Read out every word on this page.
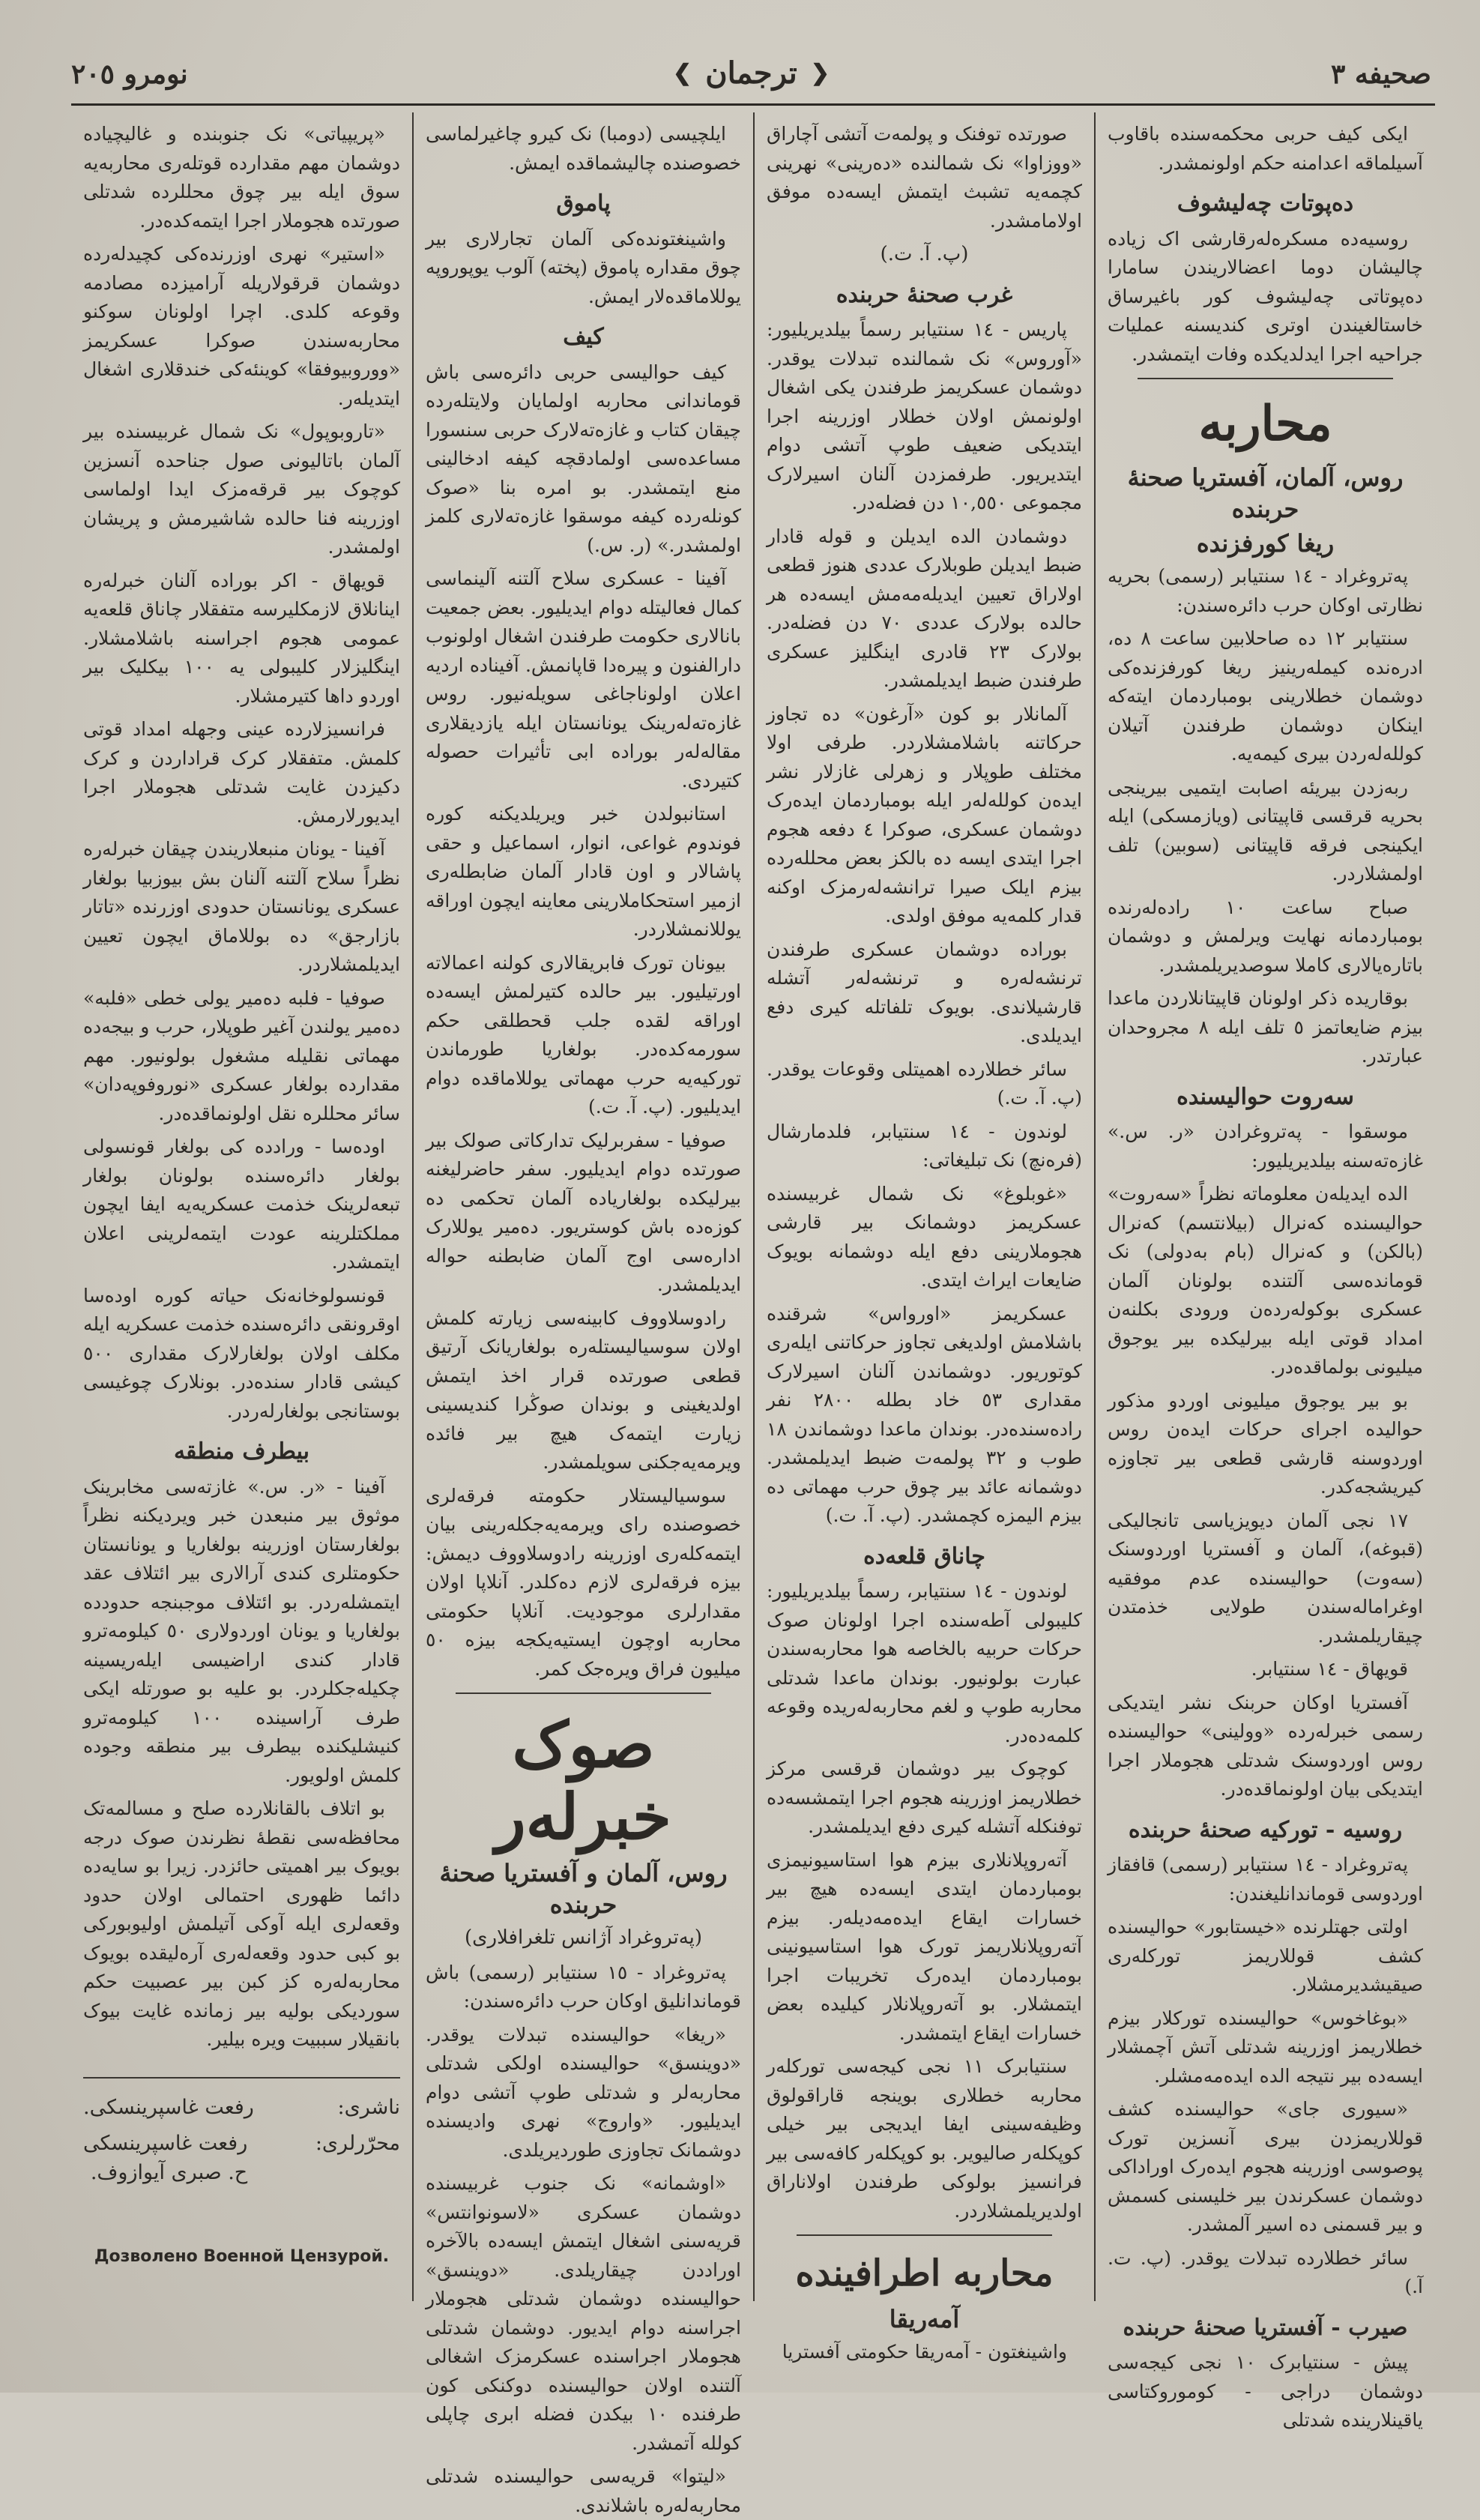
صحیفه ٣
❮
ترجمان
❯
نومرو ٢٠٥

ایکی کیف حربی محکمه‌سنده باقاوب آسیلماقه اعدامنه حکم اولونمشدر.

دەپوتات چەلیشوف

روسیەدە مسکرەلەرقارشی اک زیادە چالیشان دوما اعضالاریندن سامارا دەپوتاتی چەلیشوف کور باغیرساق خاستالغیندن اوتری کندیسنە عملیات جراحیە اجرا ایدلدیکدە وفات ایتمشدر.

محاربه
روس، آلمان، آفستریا صحنهٔ حربنده
ریغا کورفزنده

پەتروغراد - ١٤ سنتیابر (رسمی) بحریە نظارتی اوکان حرب دائرەسندن:

سنتیابر ١٢ دە صاحلابین ساعت ٨ دە، ادرەندە کیملەرینیز ریغا کورفزندەکی دوشمان خطلارینی بومباردمان ایتەکە اینکان دوشمان طرفندن آتیلان کوللەلەردن بیری کیمەیە.

ربەزدن بیریئە اصابت ایتمیی بیرینجی بحریە قرقسی قاپیتانی (ویازمسکی) ایلە ایکینجی فرقە قاپیتانی (سوبین) تلف اولمشلاردر.

صباح ساعت ١٠ رادەلەرندە بومباردمانە نهایت ویرلمش و دوشمان باتارەیالاری کاملا سوصدیریلمشدر.

بوقاریدە ذکر اولونان قاپیتانلاردن ماعدا بیزم ضایعاتمز ٥ تلف ایلە ٨ مجروحدان عبارتدر.

سەروت حوالیسندە

موسقوا - پەتروغرادن «ر. س.» غازەتەسنە بیلدیریلیور:

الدە ایدیلەن معلوماتە نظراً «سەروت» حوالیسندە کەنرال (بیلانتسم) کەنرال (بالکن) و کەنرال (بام بەدولی) نک قوماندەسی آلتندە بولونان آلمان عسکری بوکولەردەن ورودی بکلنەن امداد قوتی ایلە بیرلیکدە بیر یوجوق میلیونی بولماقدەدر.

بو بیر یوجوق میلیونی اوردو مذکور حوالیدە اجرای حرکات ایدەن روس اوردوسنە قارشی قطعی بیر تجاوزە کیریشجەکدر.

١٧ نجی آلمان دیویزیاسی تانجالیکی (قبوغە)، آلمان و آفستریا اوردوسنک (سەوت) حوالیسندە عدم موفقیە اوغرامالەسندن طولایی خذمتدن چیقاریلمشدر.

قویهاق - ١٤ سنتیابر.

آفستریا اوکان حربنک نشر ایتدیکی رسمی خبرلەردە «وولینی» حوالیسندە روس اوردوسنک شدتلی هجوملار اجرا ایتدیکی بیان اولونماقدەدر.

روسیه - تورکیه صحنهٔ حربنده

پەتروغراد - ١٤ سنتیابر (رسمی) قافقاز اوردوسی قوماندانلیغندن:

اولتی جهتلرندە «خیستابور» حوالیسندە کشف قوللاریمز تورکلەری صیقیشدیرمشلار.

«بوغاخوس» حوالیسندە تورکلار بیزم خطلاریمز اوزرینە شدتلی آتش آچمشلار ایسەدە بیر نتیجە الدە ایدەمەمشلر.

«سیوری جای» حوالیسندە کشف قوللاریمزدن بیری آنسزین تورک پوصوسی اوزرینە هجوم ایدەرک اوراداکی دوشمان عسکرندن بیر خلیسنی کسمش و بیر قسمنی دە اسیر آلمشدر.

سائر خطلاردە تبدلات یوقدر. (پ. ت. آ.)

صیرب - آفستریا صحنهٔ حربنده

پیش - سنتیابرک ١٠ نجی کیجەسی دوشمان دراجی - کوموروکتاسی یاقینلاریندە شدتلی

صورتدە توفنک و پولمەت آتشی آچاراق «ووزاوا» نک شمالندە «دەرینی» نهرینی کچمەیە تشبث ایتمش ایسەدە موفق اولامامشدر.

(پ. آ. ت.)
غرب صحنهٔ حربنده

پاریس - ١٤ سنتیابر رسماً بیلدیریلیور: «آوروس» نک شمالندە تبدلات یوقدر. دوشمان عسکریمز طرفندن یکی اشغال اولونمش اولان خطلار اوزرینە اجرا ایتدیکی ضعیف طوپ آتشی دوام ایتدیریور. طرفمزدن آلنان اسیرلارک مجموعی ١٠,٥٥٠ دن فضلەدر.

دوشمادن الدە ایدیلن و قولە قادار ضبط ایدیلن طوبلارک عددی هنوز قطعی اولاراق تعیین ایدیلەمەمش ایسەدە هر حالدە بولارک عددی ٧٠ دن فضلەدر. بولارک ٢٣ قادری اینگلیز عسکری طرفندن ضبط ایدیلمشدر.

آلمانلار بو کون «آرغون» دە تجاوز حرکاتنە باشلامشلاردر. طرفی اولا مختلف طوپلار و زهرلی غازلار نشر ایدەن کوللەلەر ایلە بومباردمان ایدەرک دوشمان عسکری، صوکرا ٤ دفعە هجوم اجرا ایتدی ایسە دە بالکز بعض محللەردە بیزم ایلک صیرا ترانشەلەرمزک اوکنە قدار کلمەیە موفق اولدی.

بوراده دوشمان عسکری طرفندن ترنشەلەرە و ترنشەلەر آتشلە قارشیلاندی. بویوک تلفاتلە کیری دفع ایدیلدی.

سائر خطلاردە اهمیتلی وقوعات یوقدر. (پ. آ. ت.)

لوندون - ١٤ سنتیابر، فلدمارشال (فرەنچ) نک تبلیغاتی:

«غوبلوغ» نک شمال غربیسندە عسکریمز دوشمانک بیر قارشی هجوملارینی دفع ایلە دوشمانە بویوک ضایعات ایراث ایتدی.

عسکریمز «اورواس» شرقندە باشلامش اولدیغی تجاوز حرکاتنی ایلەری کوتوریور. دوشماندن آلنان اسیرلارک مقداری ٥٣ خاد بطلە ٢٨٠٠ نفر رادەسندەدر. بوندان ماعدا دوشماندن ١٨ طوب و ٣٢ پولمەت ضبط ایدیلمشدر. دوشمانە عائد بیر چوق حرب مهماتی دە بیزم الیمزە کچمشدر. (پ. آ. ت.)

چاناق قلعەدە

لوندون - ١٤ سنتیابر، رسماً بیلدیریلیور: کلیبولی آطەسندە اجرا اولونان صوک حرکات حربیە بالخاصە هوا محاربەسندن عبارت بولونیور. بوندان ماعدا شدتلی محاربە طوپ و لغم محاربەلەریدە وقوعە کلمەدەدر.

کوچوک بیر دوشمان قرقسی مرکز خطلاریمز اوزرینە هجوم اجرا ایتمشسەدە توفنکلە آتشلە کیری دفع ایدیلمشدر.

آتەروپلانلاری بیزم هوا استاسیونیمزی بومباردمان ایتدی ایسەدە هیچ بیر خسارات ایقاع ایدەمەدیلەر. بیزم آتەروپلانلاریمز تورک هوا استاسیونینی بومباردمان ایدەرک تخریبات اجرا ایتمشلار. بو آتەروپلانلار کیلیدە بعض خسارات ایقاع ایتمشدر.

سنتیابرک ١١ نجی کیجەسی تورکلەر محاربە خطلاری بوینجە قاراقولوق وظیفەسینی ایفا ایدیجی بیر خیلی کوپکلەر صالیویر. بو کوپکلەر کافەسی بیر فرانسیز بولوکی طرفندن اولاناراق اولدیریلمشلاردر.

محاربه اطرافینده
آمەریقا

واشینغتون - آمەریقا حکومتی آفستریا

ایلچیسی (دومبا) نک کیرو چاغیرلماسی خصوصندە چالیشماقدە ایمش.

پاموق

واشینغتوندەکی آلمان تجارلاری بیر چوق مقدارە پاموق (پخته) آلوب یوپوروپە یوللاماقدەلار ایمش.

کیف

کیف حوالیسی حربی دائرەسی باش قوماندانی محاربە اولمایان ولایتلەردە چیقان کتاب و غازەتەلارک حربی سنسورا مساعدەسی اولمادقچە کیفە ادخالینی منع ایتمشدر. بو امرە بنا «صوک کونلەردە کیفە موسقوا غازەتەلاری کلمز اولمشدر.» (ر. س.)

آفینا - عسکری سلاح آلتنە آلینماسی کمال فعالیتلە دوام ایدیلیور. بعض جمعیت بانالاری حکومت طرفندن اشغال اولونوب دارالفنون و پیرەدا قاپانمش. آفینادە اردیە اعلان اولوناجاغی سویلەنیور. روس غازەتەلەرینک یونانستان ایلە یازدیقلاری مقالەلەر بوراده ابی تأثیرات حصولە کتیردی.

استانبولدن خبر ویریلدیکنە کورە فوندوم غواعی، انوار، اسماعیل و حقی پاشالار و اون قادار آلمان ضابطلەری ازمیر استحکاملارینی معاینە ایچون اوراقە یوللانمشلاردر.

بیونان تورک فابریقالاری کولنە اعمالاتە اورتیلیور. بیر حالدە کتیرلمش ایسەدە اوراقە لقدە جلب قحطلقی حکم سورمەکدەدر. بولغاریا طورماندن تورکیەیە حرب مهماتی یوللاماقدە دوام ایدیلیور. (پ. آ. ت.)

صوفیا - سفربرلیک تدارکاتی صولک بیر صورتدە دوام ایدیلیور. سفر حاضرلیغنە بیرلیکدە بولغاریادە آلمان تحکمی دە کوزەدە باش کوستریور. دەمیر یوللارک ادارەسی اوج آلمان ضابطنە حوالە ایدیلمشدر.

رادوسلاووف کابینەسی زیارتە کلمش اولان سوسیالیستلەرە بولغاریانک آرتیق قطعی صورتدە قرار اخذ ایتمش اولدیغینی و بوندان صوڭرا کندیسینی زیارت ایتمەک هیچ بیر فائدە ویرمەیەجکنی سویلمشدر.

سوسیالیستلار حکومتە فرقەلری خصوصندە رای ویرمەیەجکلەرینی بیان ایتمەکلەری اوزرینە رادوسلاووف دیمش: بیزە فرقەلری لازم دەکلدر. آنلاپا اولان مقدارلری موجودیت. آنلاپا حکومتی محاربە اوچون ایستیەیکجە بیزە ٥٠ میلیون فراق ویرەجک کمر.

صوک خبرلەر
روس، آلمان و آفستریا صحنهٔ حربنده
(پەتروغراد آژانس تلغرافلاری)

پەتروغراد - ١٥ سنتیابر (رسمی) باش قوماندانلیق اوکان حرب دائرەسندن:

«ریغا» حوالیسندە تبدلات یوقدر. «دوینسق» حوالیسندە اولکی شدتلی محاربەلر و شدتلی طوپ آتشی دوام ایدیلیور. «واروج» نهری وادیسندە دوشمانک تجاوزی طوردیریلدی.

«اوشمانە» نک جنوب غربیسندە دوشمان عسکری «لاسونوانتس» قریەسنی اشغال ایتمش ایسەدە بالآخرە اوراددن چیقاریلدی. «دوینسق» حوالیسندە دوشمان شدتلی هجوملار اجراسنە دوام ایدیور. دوشمان شدتلی هجوملار اجراسندە عسکرمزک اشغالی آلتندە اولان حوالیسندە دوکنکی کون طرفندە ١٠ بیکدن فضلە ابری چاپلی کوللە آتمشدر.

«لیتوا» قریەسی حوالیسندە شدتلی محاربەلەرە باشلاندی.

«پریپیاتی» نک جنوبندە و غالیچیادە دوشمان مهم مقداردە قوتلەری محاربەیە سوق ایلە بیر چوق محللردە شدتلی صورتدە هجوملار اجرا ایتمەکدەدر.

«استیر» نهری اوزرندەکی کچیدلەردە دوشمان قرقولاریلە آرامیزدە مصادمە وقوعە کلدی. اچرا اولونان سوکنو محاربەسندن صوکرا عسکریمز «ووروبیوفقا» کوینئەکی خندقلاری اشغال ایتدیلەر.

«تاروبوپول» نک شمال غربیسندە بیر آلمان باتالیونی صول جناحدە آنسزین کوچوک بیر قرقەمزک ایدا اولماسی اوزرینە فنا حالدە شاشیرمش و پریشان اولمشدر.

قویهاق - اکر بوراده آلنان خبرلەرە اینانلاق لازمکلیرسە متفقلار چاناق قلعەیە عمومی هجوم اجراسنە باشلامشلار. اینگلیزلار کلیبولی یە ١٠٠ بیکلیک بیر اوردو داها کتیرمشلار.

فرانسیزلاردە عینی وجهلە امداد قوتی کلمش. متفقلار کرک قراداردن و کرک دکیزدن غایت شدتلی هجوملار اجرا ایدیورلارمش.

آفینا - یونان منبعلاریندن چیقان خبرلەرە نظراً سلاح آلتنە آلنان بش بیوزبیا بولغار عسکری یونانستان حدودی اوزرندە «تاتار بازارجق» دە بوللاماق ایچون تعیین ایدیلمشلاردر.

صوفیا - فلبە دەمیر یولی خطی «فلبە» دەمیر یولندن آغیر طوپلار، حرب و بیجەدە مهماتی نقلیلە مشغول بولونیور. مهم مقداردە بولغار عسکری «نوروفوپەدان» سائر محللرە نقل اولونماقدەدر.

اودەسا - وراددە کی بولغار قونسولی بولغار دائرەسندە بولونان بولغار تبعەلرینک خذمت عسکریەیە ایفا ایچون مملکتلرینە عودت ایتمەلرینی اعلان ایتمشدر.

قونسولوخانەنک حیاتە کورە اودەسا اوقرونقی دائرەسندە خذمت عسکریە ایلە مکلف اولان بولغارلارک مقداری ٥٠٠ کیشی قادار سندەدر. بونلارک چوغیسی بوستانجی بولغارلەردر.

بیطرف منطقه

آفینا - «ر. س.» غازتەسی مخابرینک موثوق بیر منبعدن خبر ویردیکنە نظراً بولغارستان اوزرینە بولغاریا و یونانستان حکومتلری کندی آرالاری بیر ائتلاف عقد ایتمشلەردر. بو ائتلاف موجبنجە حدوددە بولغاریا و یونان اوردولاری ٥٠ کیلومەترو قادار کندی اراضیسی ایلەریسینە چکیلەجکلردر. بو علیە بو صورتلە ایکی طرف آراسیندە ١٠٠ کیلومەترو کنیشلیکندە بیطرف بیر منطقە وجودە کلمش اولویور.

بو اتلاف بالقانلاردە صلح و مسالمەتک محافظەسی نقطهٔ نظرندن صوک درجە بویوک بیر اهمیتی حائزدر. زیرا بو سایەدە دائما ظهوری احتمالی اولان حدود وقعەلری ایلە آوکی آتیلمش اولیوبورکی بو کبی حدود وقعەلەری آرەلیقدە بویوک محاربەلەرە کز کبن بیر عصبیت حکم سوردیکی بولیە بیر زماندە غایت بیوک بانقیلار سببیت ویرە بیلیر.

ناشری:
رفعت غاسپرینسکی.
محرّرلری:
رفعت غاسپرینسکی
ح. صبری آیوازوف.
Дозволено Военной Цензурой.
